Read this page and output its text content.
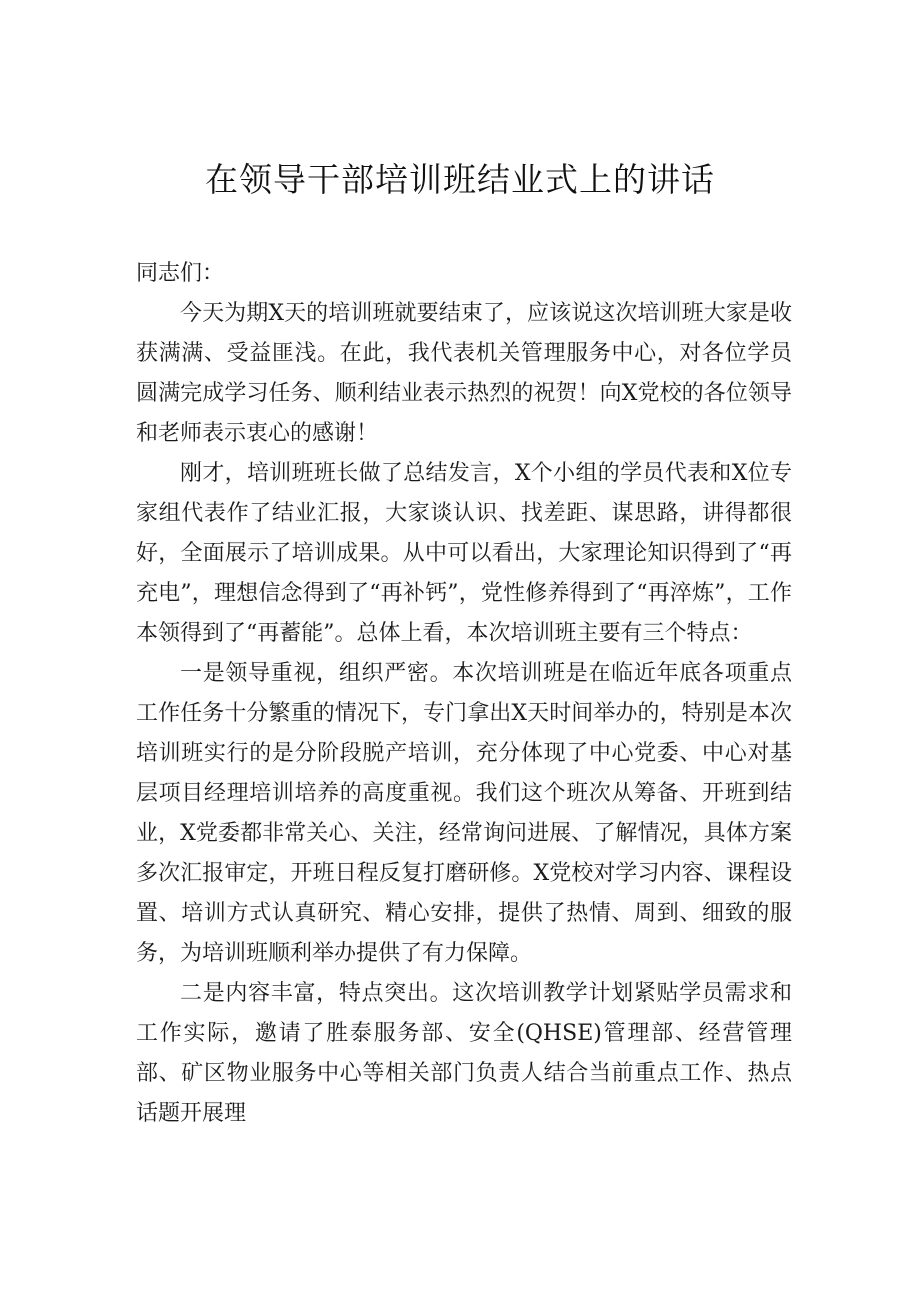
在领导干部培训班结业式上的讲话

同志们：

今天为期X天的培训班就要结束了，应该说这次培训班大家是收获满满、受益匪浅。在此，我代表机关管理服务中心，对各位学员圆满完成学习任务、顺利结业表示热烈的祝贺！向X党校的各位领导和老师表示衷心的感谢！

刚才，培训班班长做了总结发言，X个小组的学员代表和X位专家组代表作了结业汇报，大家谈认识、找差距、谋思路，讲得都很好，全面展示了培训成果。从中可以看出，大家理论知识得到了“再充电”，理想信念得到了“再补钙”，党性修养得到了“再淬炼”，工作本领得到了“再蓄能”。总体上看，本次培训班主要有三个特点：

一是领导重视，组织严密。本次培训班是在临近年底各项重点工作任务十分繁重的情况下，专门拿出X天时间举办的，特别是本次培训班实行的是分阶段脱产培训，充分体现了中心党委、中心对基层项目经理培训培养的高度重视。我们这个班次从筹备、开班到结业，X党委都非常关心、关注，经常询问进展、了解情况，具体方案多次汇报审定，开班日程反复打磨研修。X党校对学习内容、课程设置、培训方式认真研究、精心安排，提供了热情、周到、细致的服务，为培训班顺利举办提供了有力保障。

二是内容丰富，特点突出。这次培训教学计划紧贴学员需求和工作实际，邀请了胜泰服务部、安全(QHSE)管理部、经营管理部、矿区物业服务中心等相关部门负责人结合当前重点工作、热点话题开展理
